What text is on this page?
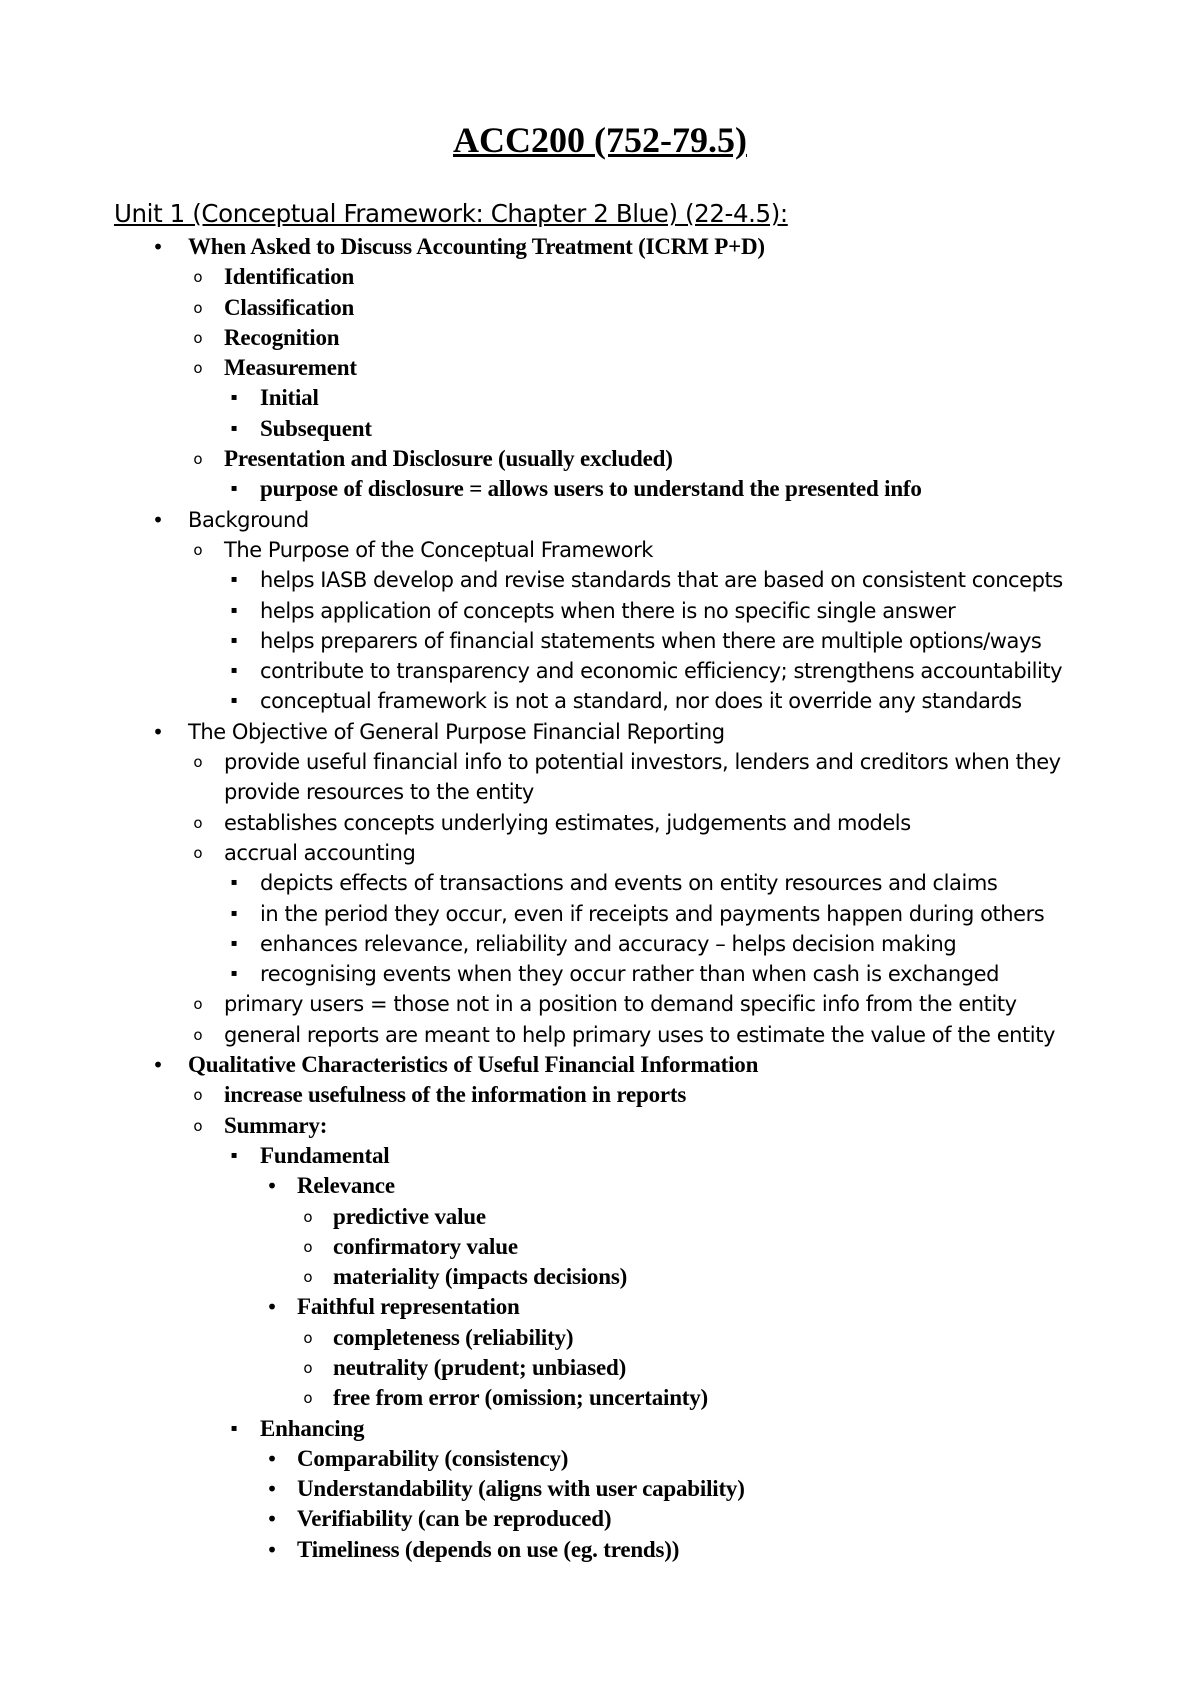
ACC200 (752-79.5)
Unit 1 (Conceptual Framework: Chapter 2 Blue) (22-4.5):
• When Asked to Discuss Accounting Treatment (ICRM P+D)
o Identification
o Classification
o Recognition
o Measurement
▪ Initial
▪ Subsequent
o Presentation and Disclosure (usually excluded)
▪ purpose of disclosure = allows users to understand the presented info
• Background
o The Purpose of the Conceptual Framework
▪	helps IASB develop and revise standards that are based on consistent concepts
▪	helps application of concepts when there is no specific single answer
▪	helps preparers of financial statements when there are multiple options/ways
▪	contribute to transparency and economic efficiency; strengthens accountability
▪	conceptual framework is not a standard, nor does it override any standards
• The Objective of General Purpose Financial Reporting
o provide useful financial info to potential investors, lenders and creditors when they provide resources to the entity
o establishes concepts underlying estimates, judgements and models
o accrual accounting
▪	depicts effects of transactions and events on entity resources and claims
▪	in the period they occur, even if receipts and payments happen during others
▪	enhances relevance, reliability and accuracy – helps decision making
▪	recognising events when they occur rather than when cash is exchanged
o primary users = those not in a position to demand specific info from the entity
o general reports are meant to help primary uses to estimate the value of the entity
• Qualitative Characteristics of Useful Financial Information
o increase usefulness of the information in reports
o Summary:
▪ Fundamental
• Relevance
o predictive value
o confirmatory value
o materiality (impacts decisions)
• Faithful representation
o completeness (reliability)
o neutrality (prudent; unbiased)
o free from error (omission; uncertainty)
▪ Enhancing
• Comparability (consistency)
• Understandability (aligns with user capability)
• Verifiability (can be reproduced)
• Timeliness (depends on use (eg. trends))
